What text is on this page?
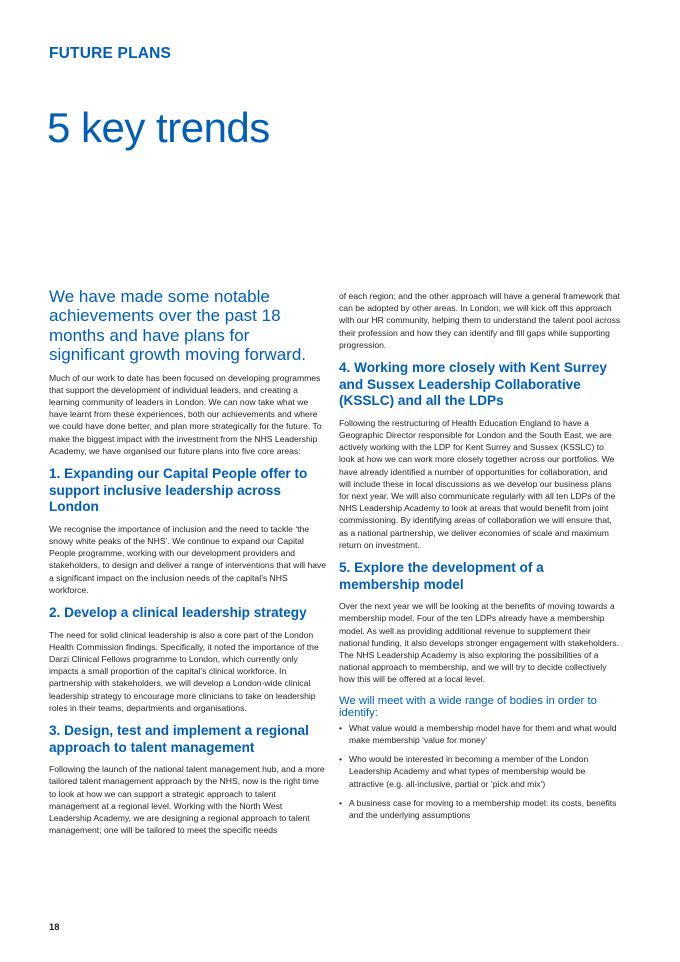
FUTURE PLANS
5 key trends

We have made some notable achievements over the past 18 months and have plans for significant growth moving forward.

Much of our work to date has been focused on developing programmes that support the development of individual leaders, and creating a learning community of leaders in London. We can now take what we have learnt from these experiences, both our achievements and where we could have done better, and plan more strategically for the future. To make the biggest impact with the investment from the NHS Leadership Academy, we have organised our future plans into five core areas:

1. Expanding our Capital People offer to support inclusive leadership across London

We recognise the importance of inclusion and the need to tackle ‘the snowy white peaks of the NHS’. We continue to expand our Capital People programme, working with our development providers and stakeholders, to design and deliver a range of interventions that will have a significant impact on the inclusion needs of the capital’s NHS workforce.

2. Develop a clinical leadership strategy

The need for solid clinical leadership is also a core part of the London Health Commission findings. Specifically, it noted the importance of the Darzi Clinical Fellows programme to London, which currently only impacts a small proportion of the capital’s clinical workforce. In partnership with stakeholders, we will develop a London-wide clinical leadership strategy to encourage more clinicians to take on leadership roles in their teams, departments and organisations.

3. Design, test and implement a regional approach to talent management

Following the launch of the national talent management hub, and a more tailored talent management approach by the NHS, now is the right time to look at how we can support a strategic approach to talent management at a regional level. Working with the North West Leadership Academy, we are designing a regional approach to talent management; one will be tailored to meet the specific needs

of each region; and the other approach will have a general framework that can be adopted by other areas. In London, we will kick off this approach with our HR community, helping them to understand the talent pool across their profession and how they can identify and fill gaps while supporting progression.

4. Working more closely with Kent Surrey and Sussex Leadership Collaborative (KSSLC) and all the LDPs

Following the restructuring of Health Education England to have a Geographic Director responsible for London and the South East, we are actively working with the LDP for Kent Surrey and Sussex (KSSLC) to look at how we can work more closely together across our portfolios. We have already identified a number of opportunities for collaboration, and will include these in local discussions as we develop our business plans for next year. We will also communicate regularly with all ten LDPs of the NHS Leadership Academy to look at areas that would benefit from joint commissioning. By identifying areas of collaboration we will ensure that, as a national partnership, we deliver economies of scale and maximum return on investment.

5. Explore the development of a membership model

Over the next year we will be looking at the benefits of moving towards a membership model. Four of the ten LDPs already have a membership model. As well as providing additional revenue to supplement their national funding, it also develops stronger engagement with stakeholders. The NHS Leadership Academy is also exploring the possibilities of a national approach to membership, and we will try to decide collectively how this will be offered at a local level.

We will meet with a wide range of bodies in order to identify:
• What value would a membership model have for them and what would make membership ‘value for money’
• Who would be interested in becoming a member of the London Leadership Academy and what types of membership would be attractive (e.g. all-inclusive, partial or ‘pick and mix’)
• A business case for moving to a membership model: its costs, benefits and the underlying assumptions
18
